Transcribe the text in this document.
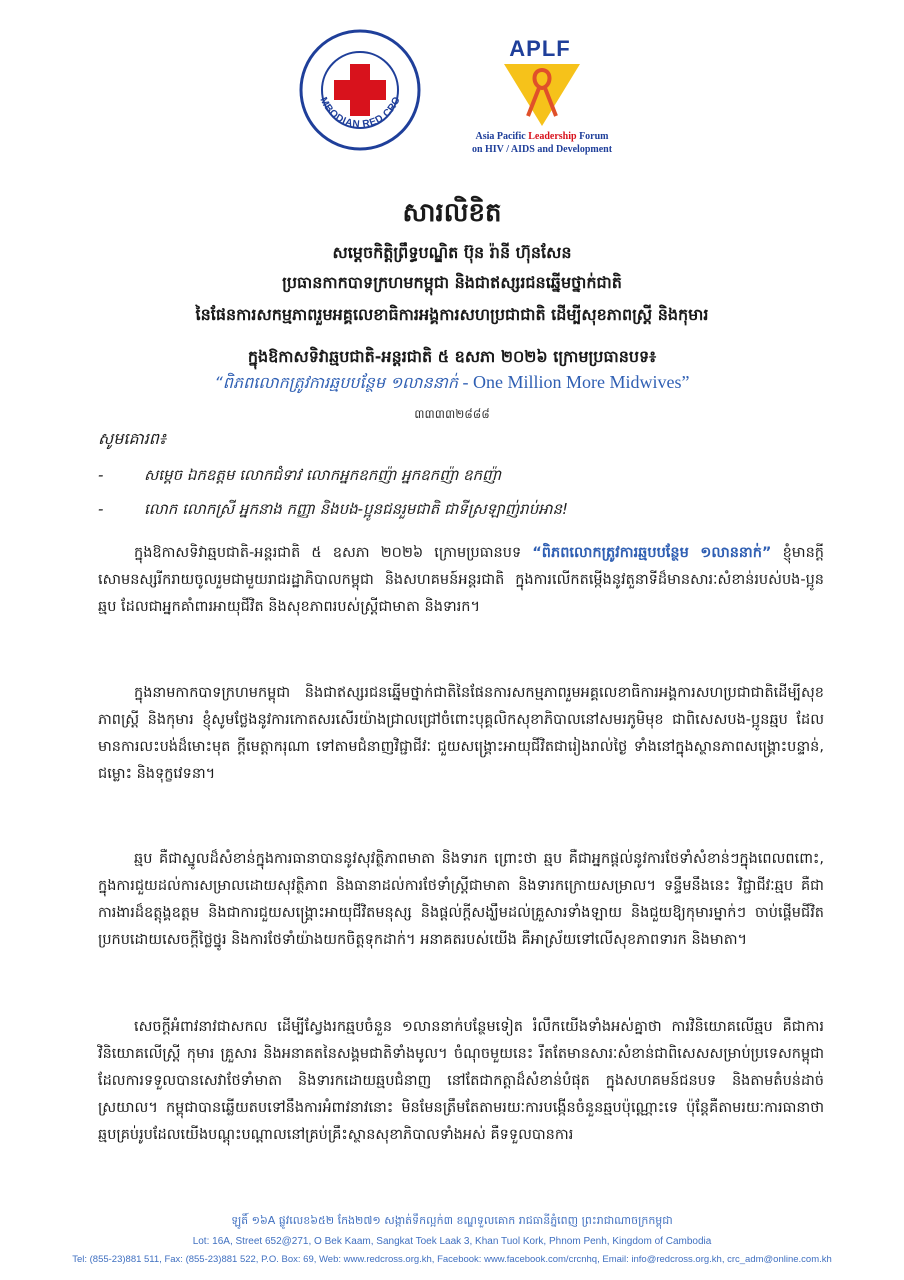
MBODIAN RED CRO
APLF
Asia Pacific Leadership Forum
on HIV / AIDS and Development
សារលិខិត
សម្តេចកិត្តិព្រឹទ្ធបណ្ឌិត ប៊ុន រ៉ានី ហ៊ុនសែន
ប្រធានកាកបាទក្រហមកម្ពុជា និងជាឥស្សរជនឆ្នើមថ្នាក់ជាតិ
នៃផែនការសកម្មភាពរួមអគ្គលេខាធិការអង្គការសហប្រជាជាតិ ដើម្បីសុខភាពស្ត្រី និងកុមារ
ក្នុងឱកាសទិវាឆ្មបជាតិ-អន្តរជាតិ ៥ ឧសភា ២០២៦ ក្រោមប្រធានបទ៖
“ពិភពលោកត្រូវការឆ្មបបន្ថែម ១លាននាក់ - One Million More Midwives”
៣៣៣៣២៨៨៨
សូមគោរព៖
-	សម្តេច ឯកឧត្តម លោកជំទាវ លោកអ្នកឧកញ៉ា អ្នកឧកញ៉ា ឧកញ៉ា
-	លោក លោកស្រី អ្នកនាង កញ្ញា និងបង-ប្អូនជនរួមជាតិ ជាទីស្រឡាញ់រាប់អាន!
ក្នុងឱកាសទិវាឆ្មបជាតិ-អន្តរជាតិ ៥ ឧសភា ២០២៦ ក្រោមប្រធានបទ “ពិភពលោកត្រូវការឆ្មបបន្ថែម ១លាននាក់” ខ្ញុំមានក្តីសោមនស្សរីករាយចូលរួមជាមួយរាជរដ្ឋាភិបាលកម្ពុជា និងសហគមន៍អន្តរជាតិ ក្នុងការលើកតម្កើងនូវតួនាទីដ៏មានសារៈសំខាន់របស់បង-ប្អូនឆ្មប ដែលជាអ្នកគាំពារអាយុជីវិត និងសុខភាពរបស់ស្ត្រីជាមាតា និងទារក។
ក្នុងនាមកាកបាទក្រហមកម្ពុជា និងជាឥស្សរជនឆ្នើមថ្នាក់ជាតិនៃផែនការសកម្មភាពរួមអគ្គលេខាធិការអង្គការសហប្រជាជាតិដើម្បីសុខភាពស្ត្រី និងកុមារ ខ្ញុំសូមថ្លែងនូវការកោតសរសើរយ៉ាងជ្រាលជ្រៅចំពោះបុគ្គលិកសុខាភិបាលនៅសមរភូមិមុខ ជាពិសេសបង-ប្អូនឆ្មប ដែលមានការលះបង់ដ៏មោះមុត ក្តីមេត្តាករុណា ទៅតាមជំនាញវិជ្ជាជីវៈ ជួយសង្គ្រោះអាយុជីវិតជារៀងរាល់ថ្ងៃ ទាំងនៅក្នុងស្ថានភាពសង្គ្រោះបន្ទាន់, ជម្លោះ និងទុក្ខវេទនា។
ឆ្មប គឺជាស្នូលដ៏សំខាន់ក្នុងការធានាបាននូវសុវត្ថិភាពមាតា និងទារក ព្រោះថា ឆ្មប គឺជាអ្នកផ្តល់នូវការថែទាំសំខាន់ៗក្នុងពេលពពោះ, ក្នុងការជួយដល់ការសម្រាលដោយសុវត្ថិភាព និងធានាដល់ការថែទាំស្ត្រីជាមាតា និងទារកក្រោយសម្រាល។ ទន្ទឹមនឹងនេះ វិជ្ជាជីវៈឆ្មប គឺជាការងារដ៏ឧត្តុង្គឧត្តម និងជាការជួយសង្គ្រោះអាយុជីវិតមនុស្ស និងផ្តល់ក្តីសង្ឃឹមដល់គ្រួសារទាំងឡាយ និងជួយឱ្យកុមារម្នាក់ៗ ចាប់ផ្តើមជីវិតប្រកបដោយសេចក្តីថ្លៃថ្នូរ និងការថែទាំយ៉ាងយកចិត្តទុកដាក់។ អនាគតរបស់យើង គឺអាស្រ័យទៅលើសុខភាពទារក និងមាតា។
សេចក្តីអំពាវនាវជាសកល ដើម្បីស្វែងរកឆ្មបចំនួន ១លាននាក់បន្ថែមទៀត រំលឹកយើងទាំងអស់គ្នាថា ការវិនិយោគលើឆ្មប គឺជាការវិនិយោគលើស្ត្រី កុមារ គ្រួសារ និងអនាគតនៃសង្គមជាតិទាំងមូល។ ចំណុចមួយនេះ រឹតតែមានសារៈសំខាន់ជាពិសេសសម្រាប់ប្រទេសកម្ពុជា ដែលការទទួលបានសេវាថែទាំមាតា និងទារកដោយឆ្មបជំនាញ នៅតែជាកត្តាដ៏សំខាន់បំផុត ក្នុងសហគមន៍ជនបទ និងតាមតំបន់ដាច់ស្រយាល។ កម្ពុជាបានឆ្លើយតបទៅនឹងការអំពាវនាវនោះ មិនមែនត្រឹមតែតាមរយៈការបង្កើនចំនួនឆ្មបប៉ុណ្ណោះទេ ប៉ុន្តែគឺតាមរយៈការធានាថា ឆ្មបគ្រប់រូបដែលយើងបណ្តុះបណ្តាលនៅគ្រប់គ្រឹះស្ថានសុខាភិបាលទាំងអស់ គឺទទួលបានការ
ឡូតិ៍ ១៦A ផ្លូវលេខ៦៥២ កែង២៧១ សង្កាត់ទឹកល្អក់៣ ខណ្ឌទួលគោក រាជធានីភ្នំពេញ ព្រះរាជាណាចក្រកម្ពុជា
Lot: 16A, Street 652@271, O Bek Kaam, Sangkat Toek Laak 3, Khan Tuol Kork, Phnom Penh, Kingdom of Cambodia
Tel: (855-23)881 511, Fax: (855-23)881 522, P.O. Box: 69, Web: www.redcross.org.kh, Facebook: www.facebook.com/crcnhq, Email: info@redcross.org.kh, crc_adm@online.com.kh
